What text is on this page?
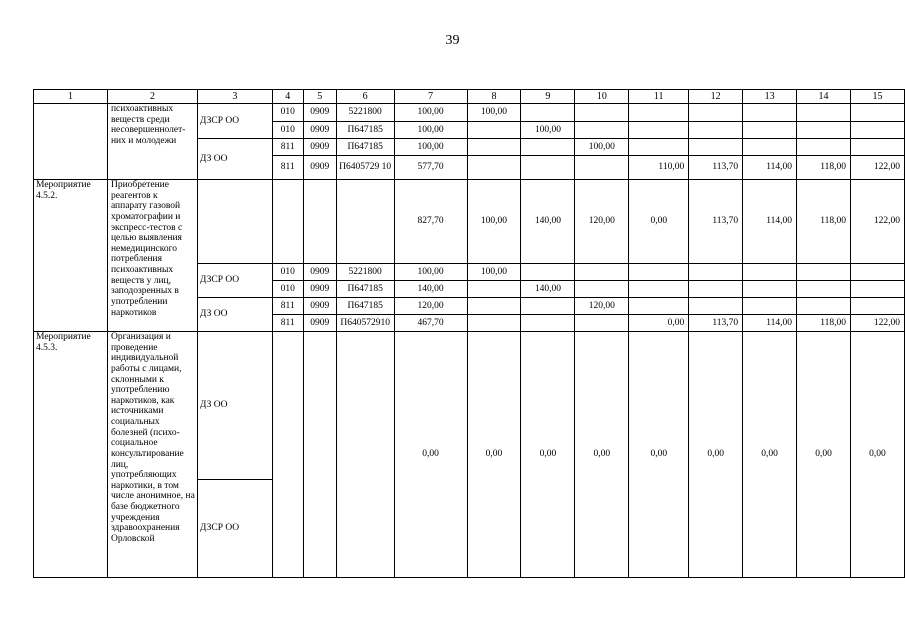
39
1	2	3	4	5	6	7	8	9	10	11	12	13	14	15
	психоактивных веществ среди несовершеннолет-них и молодежи	ДЗСР ОО	010	0909	5221800	100,00	100,00							
			010	0909	П647185	100,00		100,00						
		ДЗ ОО	811	0909	П647185	100,00			100,00					
			811	0909	П6405729 10	577,70				110,00	113,70	114,00	118,00	122,00
Мероприятие 4.5.2.	Приобретение реагентов к аппарату газовой хроматографии и экспресс-тестов с целью выявления немедицинского потребления психоактивных веществ у лиц, заподозренных в употреблении наркотиков					827,70	100,00	140,00	120,00	0,00	113,70	114,00	118,00	122,00
		ДЗСР ОО	010	0909	5221800	100,00	100,00							
			010	0909	П647185	140,00		140,00						
		ДЗ ОО	811	0909	П647185	120,00			120,00					
			811	0909	П640572910	467,70				0,00	113,70	114,00	118,00	122,00
Мероприятие 4.5.3.	Организация и проведение индивидуальной работы с лицами, склонными к употреблению наркотиков, как источниками социальных болезней (психо-социальное консультирование лиц, употребляющих наркотики, в том числе анонимное, на базе бюджетного учреждения здравоохранения Орловской	ДЗ ОО				0,00	0,00	0,00	0,00	0,00	0,00	0,00	0,00	0,00
		ДЗСР ОО												
